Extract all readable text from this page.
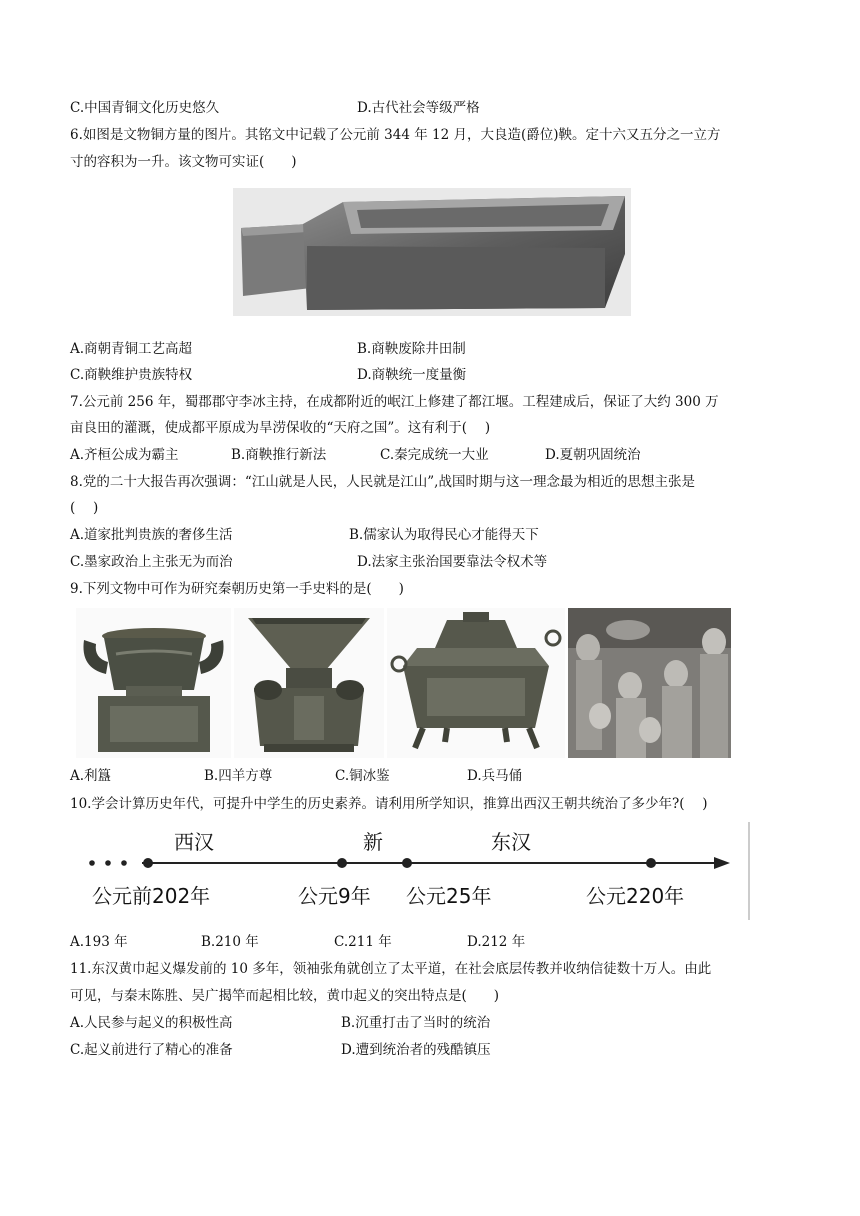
C.中国青铜文化历史悠久	D.古代社会等级严格
6.如图是文物铜方量的图片。其铭文中记载了公元前 344 年 12 月，大良造(爵位)鞅。定十六又五分之一立方
寸的容积为一升。该文物可实证(　　)
A.商朝青铜工艺高超	B.商鞅废除井田制
C.商鞅维护贵族特权	D.商鞅统一度量衡
7.公元前 256 年，蜀郡郡守李冰主持，在成都附近的岷江上修建了都江堰。工程建成后，保证了大约 300 万
亩良田的灌溉，使成都平原成为旱涝保收的“天府之国”。这有利于(　 )
A.齐桓公成为霸主	B.商鞅推行新法	C.秦完成统一大业	D.夏朝巩固统治
8.党的二十大报告再次强调：“江山就是人民，人民就是江山”,战国时期与这一理念最为相近的思想主张是
(　 )
A.道家批判贵族的奢侈生活	B.儒家认为取得民心才能得天下
C.墨家政治上主张无为而治	D.法家主张治国要靠法令权术等
9.下列文物中可作为研究秦朝历史第一手史料的是(　　)
A.利簋	B.四羊方尊	C.铜冰鉴	D.兵马俑
10.学会计算历史年代，可提升中学生的历史素养。请利用所学知识，推算出西汉王朝共统治了多少年?(　 )
西汉	新	东汉
公元前202年	公元9年 公元25年	公元220年
A.193 年	B.210 年	C.211 年	D.212 年
11.东汉黄巾起义爆发前的 10 多年，领袖张角就创立了太平道，在社会底层传教并收纳信徒数十万人。由此
可见，与秦末陈胜、吴广揭竿而起相比较，黄巾起义的突出特点是(　　)
A.人民参与起义的积极性高	B.沉重打击了当时的统治
C.起义前进行了精心的准备	D.遭到统治者的残酷镇压
